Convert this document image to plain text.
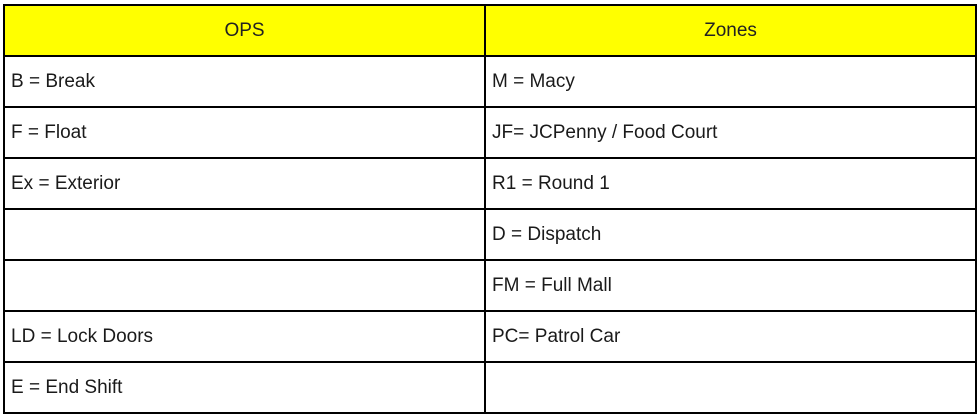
OPS	Zones
B = Break	M = Macy
F = Float	JF= JCPenny / Food Court
Ex = Exterior	R1 = Round 1
	D = Dispatch
	FM = Full Mall
LD = Lock Doors	PC= Patrol Car
E = End Shift	
